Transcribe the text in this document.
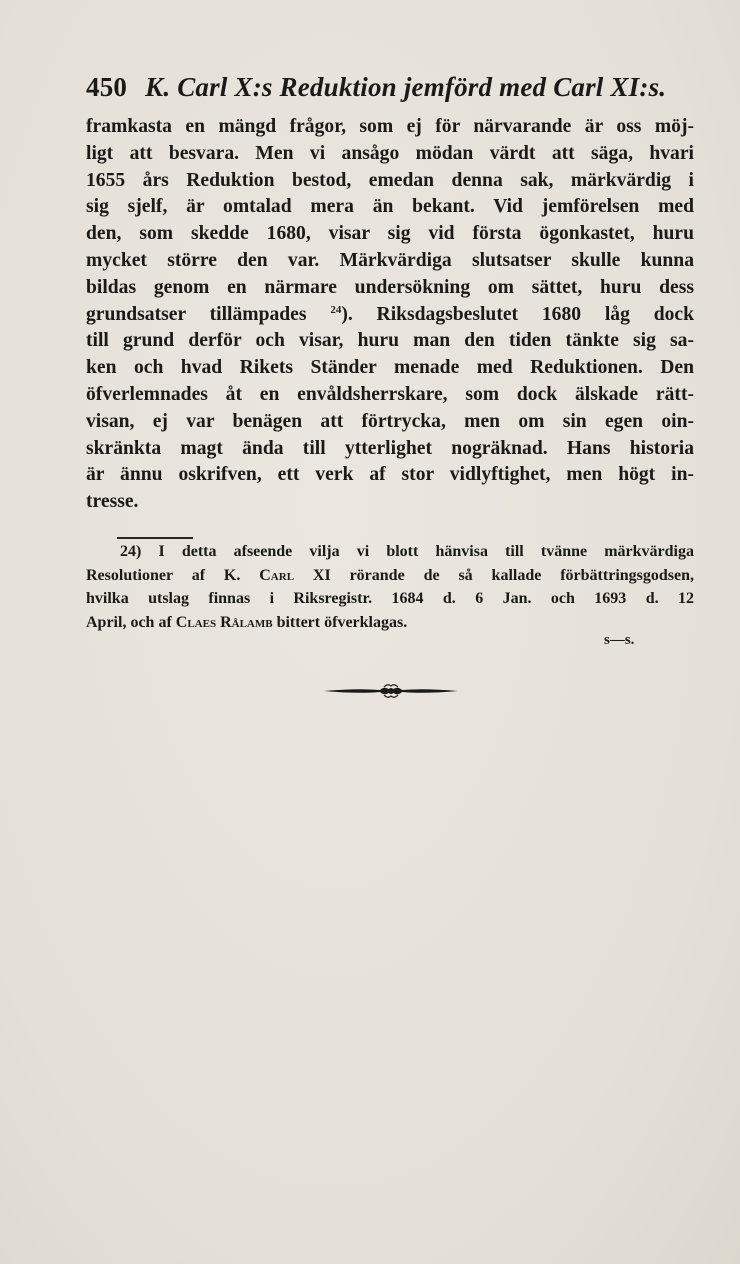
450 K. Carl X:s Reduktion jemförd med Carl XI:s.
framkasta en mängd frågor, som ej för närvarande är oss möj-
ligt att besvara. Men vi ansågo mödan värdt att säga, hvari
1655 års Reduktion bestod, emedan denna sak, märkvärdig i
sig sjelf, är omtalad mera än bekant. Vid jemförelsen med
den, som skedde 1680, visar sig vid första ögonkastet, huru
mycket större den var. Märkvärdiga slutsatser skulle kunna
bildas genom en närmare undersökning om sättet, huru dess
grundsatser tillämpades $^{24}$). Riksdagsbeslutet 1680 låg dock
till grund derför och visar, huru man den tiden tänkte sig sa-
ken och hvad Rikets Ständer menade med Reduktionen. Den
öfverlemnades åt en envåldsherrskare, som dock älskade rätt-
visan, ej var benägen att förtrycka, men om sin egen oin-
skränkta magt ända till ytterlighet nogräknad. Hans historia
är ännu oskrifven, ett verk af stor vidlyftighet, men högt in-
tresse.
24) I detta afseende vilja vi blott hänvisa till tvänne märkvärdiga
Resolutioner af K. Carl XI rörande de så kallade förbättringsgodsen,
hvilka utslag finnas i Riksregistr. 1684 d. 6 Jan. och 1693 d. 12
April, och af Claes Rålamb bittert öfverklagas.
s—s.
